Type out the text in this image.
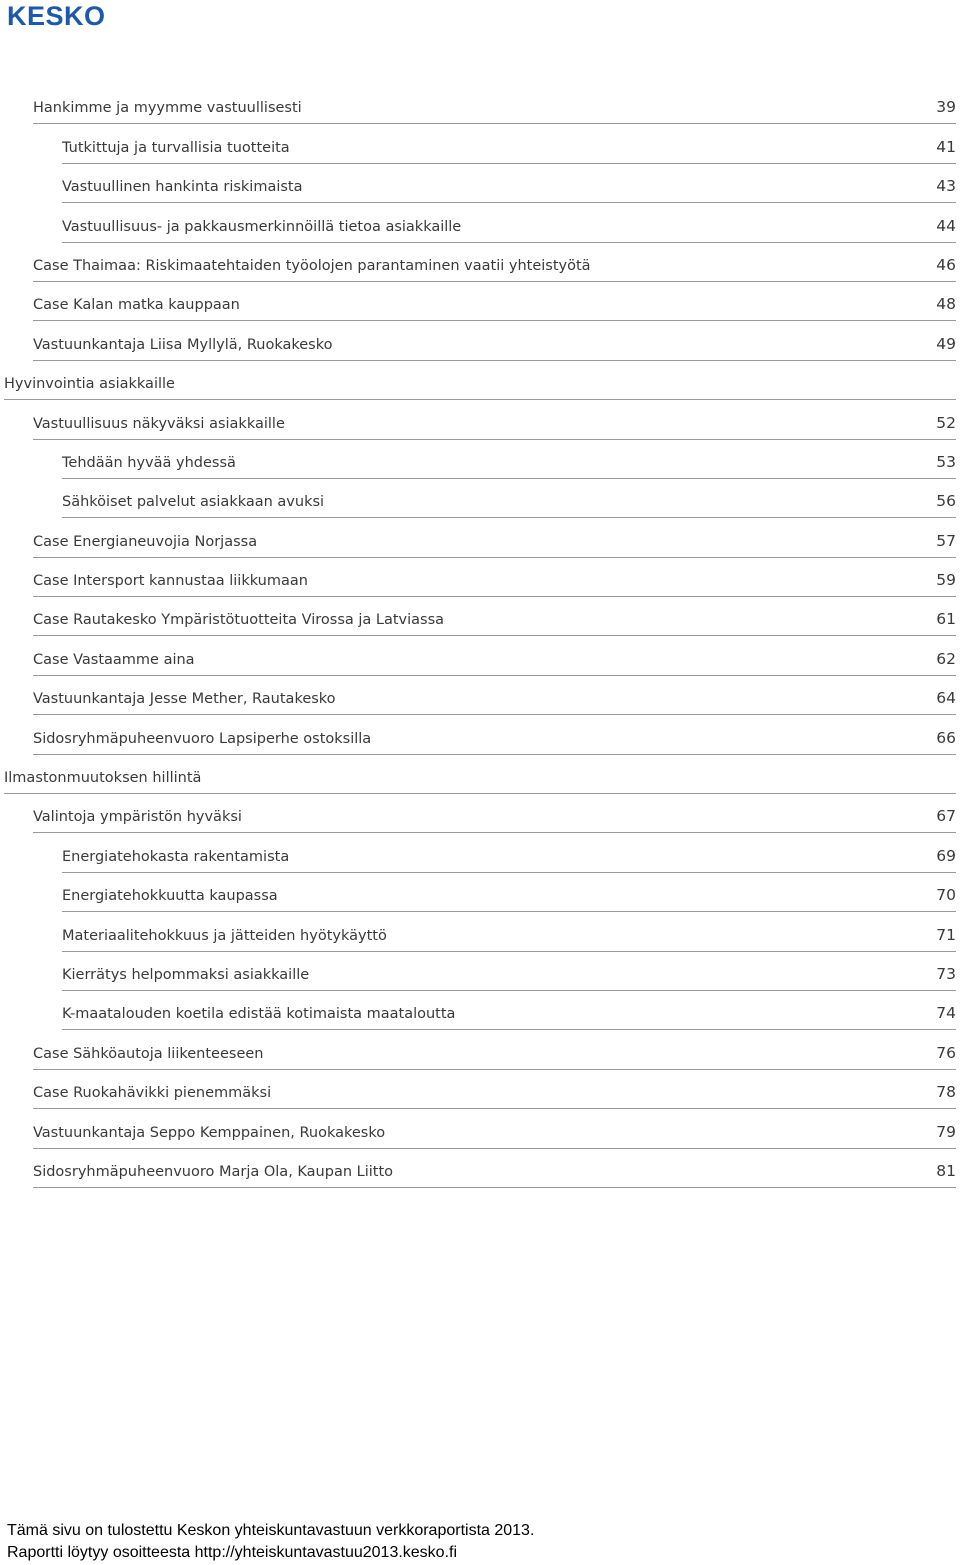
KESKO
Hankimme ja myymme vastuullisesti	39
Tutkittuja ja turvallisia tuotteita	41
Vastuullinen hankinta riskimaista	43
Vastuullisuus- ja pakkausmerkinnöillä tietoa asiakkaille	44
Case Thaimaa: Riskimaatehtaiden työolojen parantaminen vaatii yhteistyötä	46
Case Kalan matka kauppaan	48
Vastuunkantaja Liisa Myllylä, Ruokakesko	49
Hyvinvointia asiakkaille
Vastuullisuus näkyväksi asiakkaille	52
Tehdään hyvää yhdessä	53
Sähköiset palvelut asiakkaan avuksi	56
Case Energianeuvojia Norjassa	57
Case Intersport kannustaa liikkumaan	59
Case Rautakesko Ympäristötuotteita Virossa ja Latviassa	61
Case Vastaamme aina	62
Vastuunkantaja Jesse Mether, Rautakesko	64
Sidosryhmäpuheenvuoro Lapsiperhe ostoksilla	66
Ilmastonmuutoksen hillintä
Valintoja ympäristön hyväksi	67
Energiatehokasta rakentamista	69
Energiatehokkuutta kaupassa	70
Materiaalitehokkuus ja jätteiden hyötykäyttö	71
Kierrätys helpommaksi asiakkaille	73
K-maatalouden koetila edistää kotimaista maataloutta	74
Case Sähköautoja liikenteeseen	76
Case Ruokahävikki pienemmäksi	78
Vastuunkantaja Seppo Kemppainen, Ruokakesko	79
Sidosryhmäpuheenvuoro Marja Ola, Kaupan Liitto	81
Tämä sivu on tulostettu Keskon yhteiskuntavastuun verkkoraportista 2013.
Raportti löytyy osoitteesta http://yhteiskuntavastuu2013.kesko.fi
